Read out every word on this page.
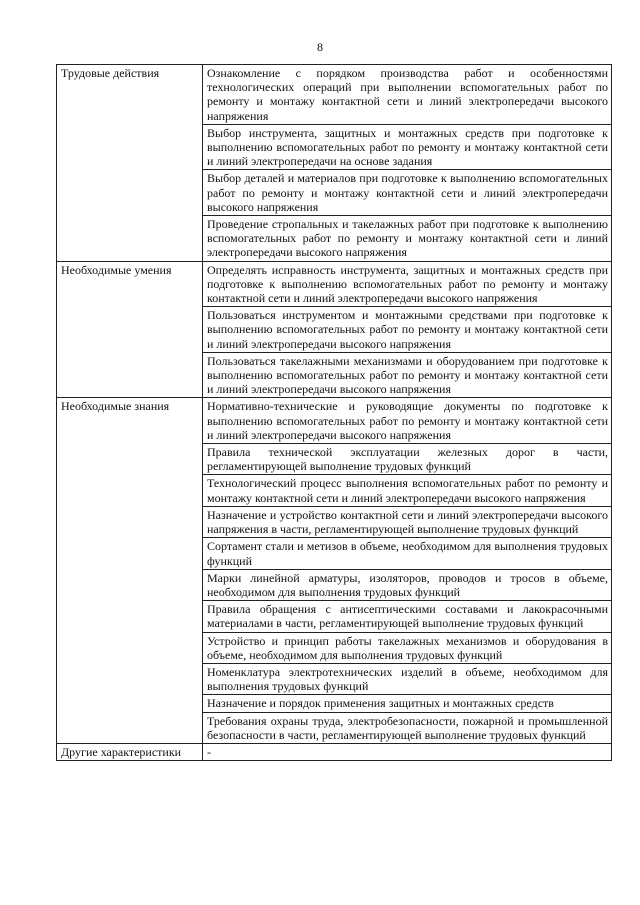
8
Трудовые действия	Ознакомление с порядком производства работ и особенностями технологических операций при выполнении вспомогательных работ по ремонту и монтажу контактной сети и линий электропередачи высокого напряжения
	Выбор инструмента, защитных и монтажных средств при подготовке к выполнению вспомогательных работ по ремонту и монтажу контактной сети и линий электропередачи на основе задания
	Выбор деталей и материалов при подготовке к выполнению вспомогательных работ по ремонту и монтажу контактной сети и линий электропередачи высокого напряжения
	Проведение стропальных и такелажных работ при подготовке к выполнению вспомогательных работ по ремонту и монтажу контактной сети и линий электропередачи высокого напряжения
Необходимые умения	Определять исправность инструмента, защитных и монтажных средств при подготовке к выполнению вспомогательных работ по ремонту и монтажу контактной сети и линий электропередачи высокого напряжения
	Пользоваться инструментом и монтажными средствами при подготовке к выполнению вспомогательных работ по ремонту и монтажу контактной сети и линий электропередачи высокого напряжения
	Пользоваться такелажными механизмами и оборудованием при подготовке к выполнению вспомогательных работ по ремонту и монтажу контактной сети и линий электропередачи высокого напряжения
Необходимые знания	Нормативно-технические и руководящие документы по подготовке к выполнению вспомогательных работ по ремонту и монтажу контактной сети и линий электропередачи высокого напряжения
	Правила технической эксплуатации железных дорог в части, регламентирующей выполнение трудовых функций
	Технологический процесс выполнения вспомогательных работ по ремонту и монтажу контактной сети и линий электропередачи высокого напряжения
	Назначение и устройство контактной сети и линий электропередачи высокого напряжения в части, регламентирующей выполнение трудовых функций
	Сортамент стали и метизов в объеме, необходимом для выполнения трудовых функций
	Марки линейной арматуры, изоляторов, проводов и тросов в объеме, необходимом для выполнения трудовых функций
	Правила обращения с антисептическими составами и лакокрасочными материалами в части, регламентирующей выполнение трудовых функций
	Устройство и принцип работы такелажных механизмов и оборудования в объеме, необходимом для выполнения трудовых функций
	Номенклатура электротехнических изделий в объеме, необходимом для выполнения трудовых функций
	Назначение и порядок применения защитных и монтажных средств
	Требования охраны труда, электробезопасности, пожарной и промышленной безопасности в части, регламентирующей выполнение трудовых функций
Другие характеристики	-
